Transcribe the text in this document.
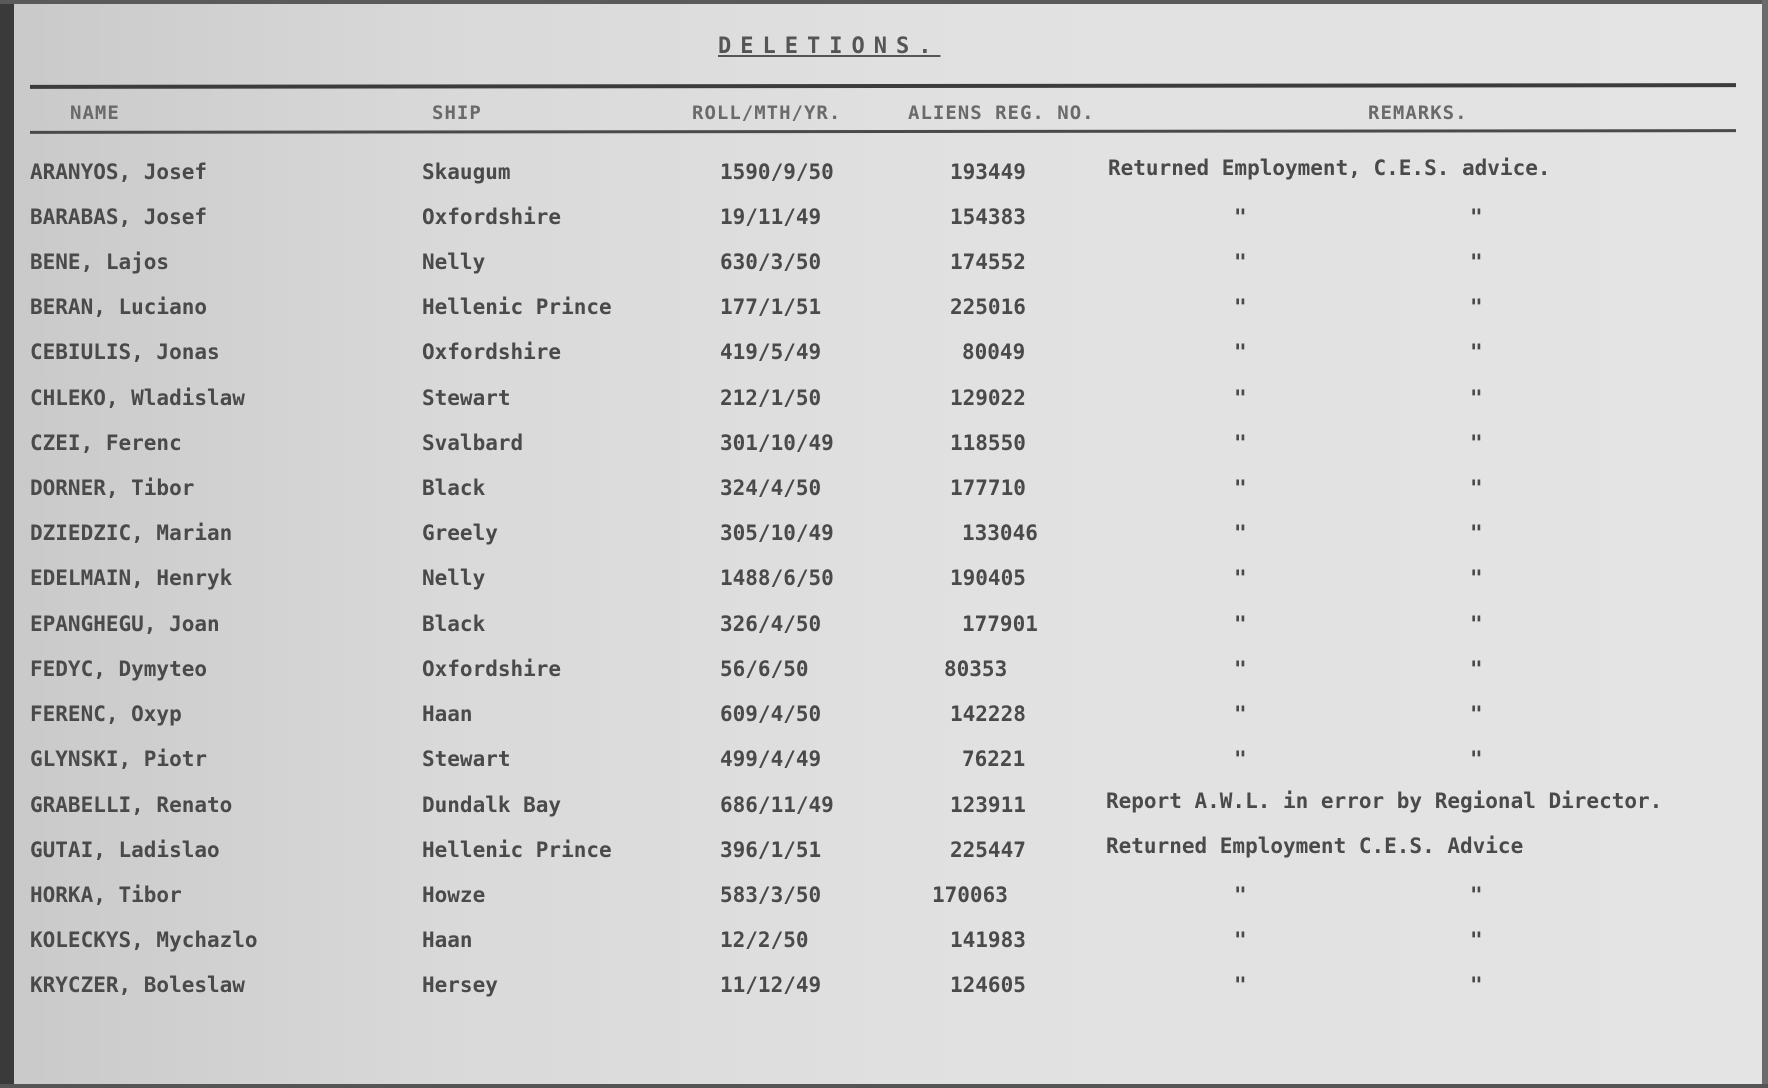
DELETIONS.
NAME	SHIP	ROLL/MTH/YR.	ALIENS REG. NO.	REMARKS.
ARANYOS, Josef	Skaugum	1590/9/50	193449	Returned Employment, C.E.S. advice.
BARABAS, Josef	Oxfordshire	19/11/49	154383	"	"
BENE, Lajos	Nelly	630/3/50	174552	"	"
BERAN, Luciano	Hellenic Prince	177/1/51	225016	"	"
CEBIULIS, Jonas	Oxfordshire	419/5/49	80049	"	"
CHLEKO, Wladislaw	Stewart	212/1/50	129022	"	"
CZEI, Ferenc	Svalbard	301/10/49	118550	"	"
DORNER, Tibor	Black	324/4/50	177710	"	"
DZIEDZIC, Marian	Greely	305/10/49	133046	"	"
EDELMAIN, Henryk	Nelly	1488/6/50	190405	"	"
EPANGHEGU, Joan	Black	326/4/50	177901	"	"
FEDYC, Dymyteo	Oxfordshire	56/6/50	80353	"	"
FERENC, Oxyp	Haan	609/4/50	142228	"	"
GLYNSKI, Piotr	Stewart	499/4/49	76221	"	"
GRABELLI, Renato	Dundalk Bay	686/11/49	123911	Report A.W.L. in error by Regional Director.
GUTAI, Ladislao	Hellenic Prince	396/1/51	225447	Returned Employment C.E.S. Advice
HORKA, Tibor	Howze	583/3/50	170063	"	"
KOLECKYS, Mychazlo	Haan	12/2/50	141983	"	"
KRYCZER, Boleslaw	Hersey	11/12/49	124605	"	"
